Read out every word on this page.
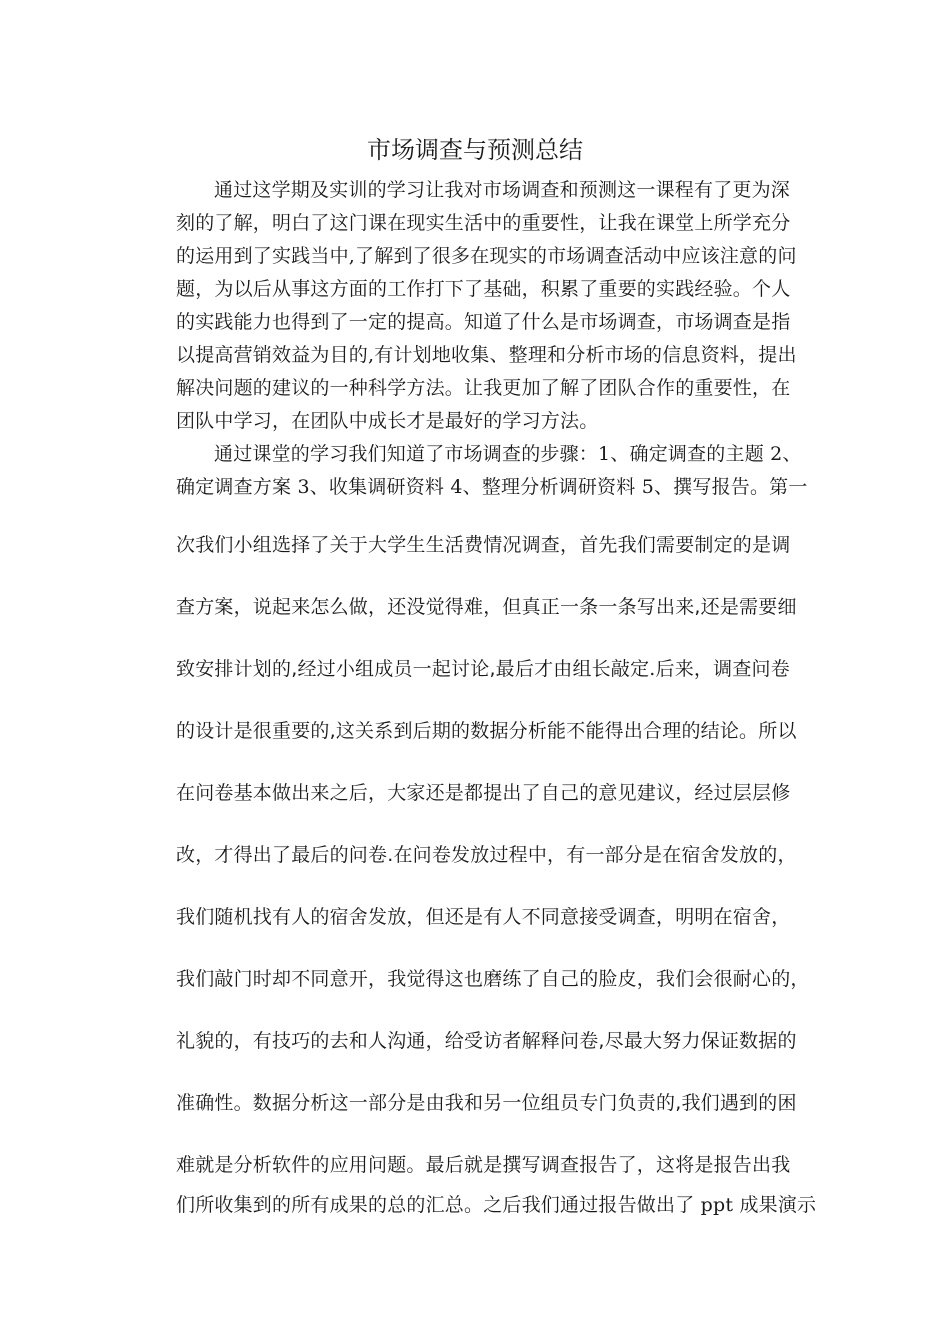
市场调查与预测总结

通过这学期及实训的学习让我对市场调查和预测这一课程有了更为深

刻的了解，明白了这门课在现实生活中的重要性，让我在课堂上所学充分

的运用到了实践当中,了解到了很多在现实的市场调查活动中应该注意的问

题，为以后从事这方面的工作打下了基础，积累了重要的实践经验。个人

的实践能力也得到了一定的提高。知道了什么是市场调查，市场调查是指

以提高营销效益为目的,有计划地收集、整理和分析市场的信息资料，提出

解决问题的建议的一种科学方法。让我更加了解了团队合作的重要性，在

团队中学习，在团队中成长才是最好的学习方法。

通过课堂的学习我们知道了市场调查的步骤：1、确定调查的主题 2、

确定调查方案 3、收集调研资料 4、整理分析调研资料 5、撰写报告。第一

次我们小组选择了关于大学生生活费情况调查，首先我们需要制定的是调

查方案，说起来怎么做，还没觉得难，但真正一条一条写出来,还是需要细

致安排计划的,经过小组成员一起讨论,最后才由组长敲定.后来，调查问卷

的设计是很重要的,这关系到后期的数据分析能不能得出合理的结论。所以

在问卷基本做出来之后，大家还是都提出了自己的意见建议，经过层层修

改，才得出了最后的问卷.在问卷发放过程中，有一部分是在宿舍发放的，

我们随机找有人的宿舍发放，但还是有人不同意接受调查，明明在宿舍，

我们敲门时却不同意开，我觉得这也磨练了自己的脸皮，我们会很耐心的，

礼貌的，有技巧的去和人沟通，给受访者解释问卷,尽最大努力保证数据的

准确性。数据分析这一部分是由我和另一位组员专门负责的,我们遇到的困

难就是分析软件的应用问题。最后就是撰写调查报告了，这将是报告出我

们所收集到的所有成果的总的汇总。之后我们通过报告做出了 ppt 成果演示
